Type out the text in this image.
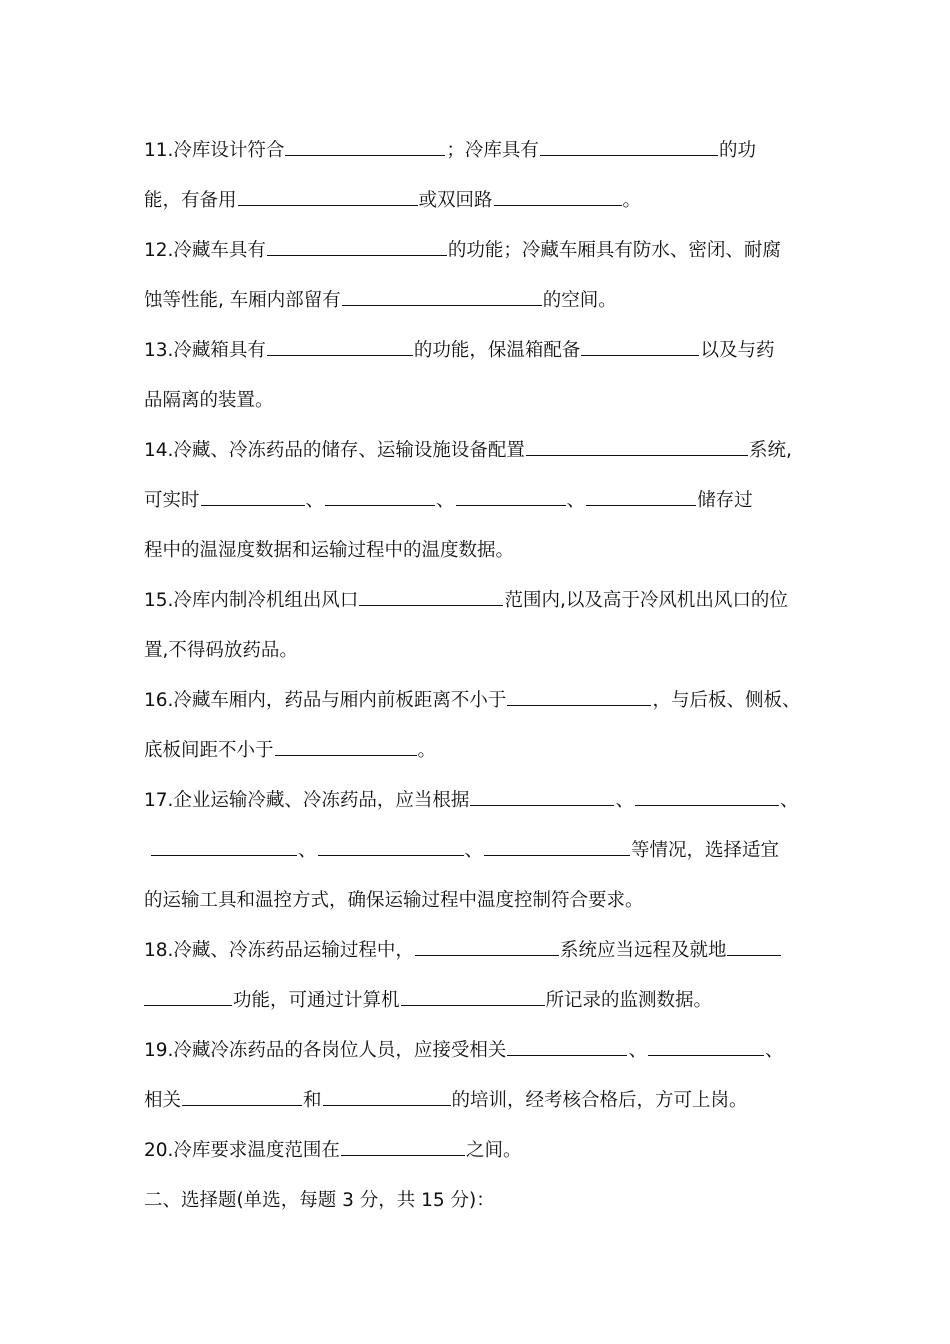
11.冷库设计符合	；冷库具有	的功
能，有备用	或双回路	。
12.冷藏车具有	的功能；冷藏车厢具有防水、密闭、耐腐
蚀等性能, 车厢内部留有	的空间。
13.冷藏箱具有	的功能，保温箱配备	以及与药
品隔离的装置。
14.冷藏、冷冻药品的储存、运输设施设备配置	系统,
可实时	、	、	、	储存过
程中的温湿度数据和运输过程中的温度数据。
15.冷库内制冷机组出风口	范围内,以及高于冷风机出风口的位
置,不得码放药品。
16.冷藏车厢内，药品与厢内前板距离不小于	，与后板、侧板、
底板间距不小于	。
17.企业运输冷藏、冷冻药品，应当根据	、	、
、	、	等情况，选择适宜
的运输工具和温控方式，确保运输过程中温度控制符合要求。
18.冷藏、冷冻药品运输过程中，	系统应当远程及就地
功能，可通过计算机	所记录的监测数据。
19.冷藏冷冻药品的各岗位人员，应接受相关	、	、
相关	和	的培训，经考核合格后，方可上岗。
20.冷库要求温度范围在	之间。
二、选择题(单选，每题 3 分，共 15 分)：
